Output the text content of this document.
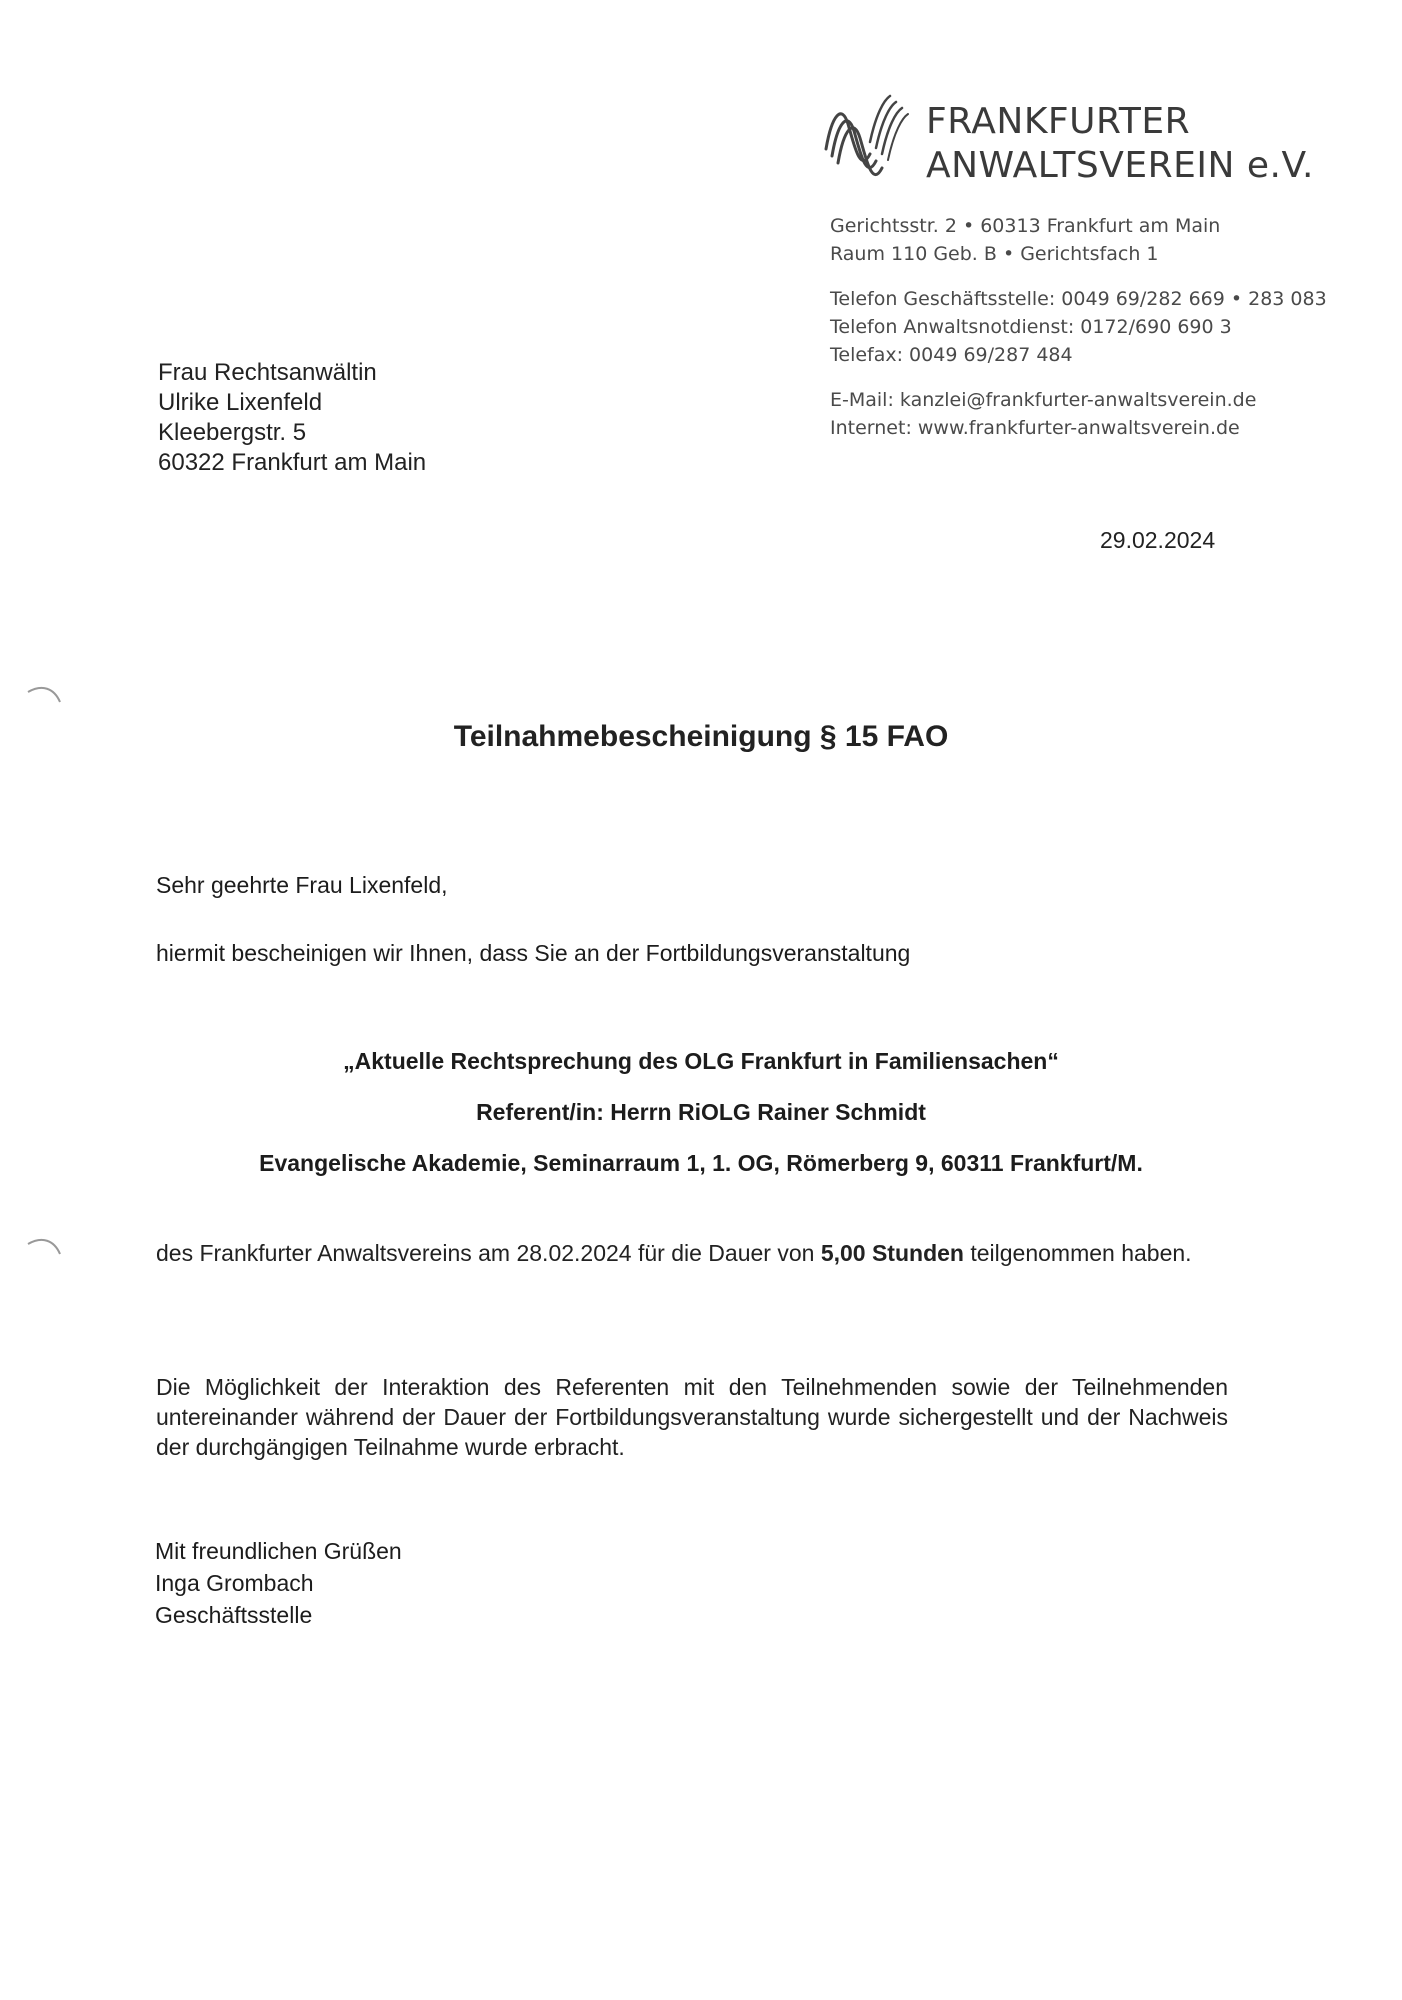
FRANKFURTER
ANWALTSVEREIN e.V.
Gerichtsstr. 2 • 60313 Frankfurt am Main
Raum 110 Geb. B • Gerichtsfach 1
Telefon Geschäftsstelle: 0049 69/282 669 • 283 083
Telefon Anwaltsnotdienst: 0172/690 690 3
Telefax: 0049 69/287 484
E-Mail: kanzlei@frankfurter-anwaltsverein.de
Internet: www.frankfurter-anwaltsverein.de
Frau Rechtsanwältin
Ulrike Lixenfeld
Kleebergstr. 5
60322 Frankfurt am Main
29.02.2024
Teilnahmebescheinigung § 15 FAO
Sehr geehrte Frau Lixenfeld,
hiermit bescheinigen wir Ihnen, dass Sie an der Fortbildungsveranstaltung
„Aktuelle Rechtsprechung des OLG Frankfurt in Familiensachen“
Referent/in: Herrn RiOLG Rainer Schmidt
Evangelische Akademie, Seminarraum 1, 1. OG, Römerberg 9, 60311 Frankfurt/M.
des Frankfurter Anwaltsvereins am 28.02.2024 für die Dauer von 5,00 Stunden teilgenommen haben.
Die Möglichkeit der Interaktion des Referenten mit den Teilnehmenden sowie der Teilnehmenden untereinander während der Dauer der Fortbildungsveranstaltung wurde sichergestellt und der Nachweis der durchgängigen Teilnahme wurde erbracht.
Mit freundlichen Grüßen
Inga Grombach
Geschäftsstelle
